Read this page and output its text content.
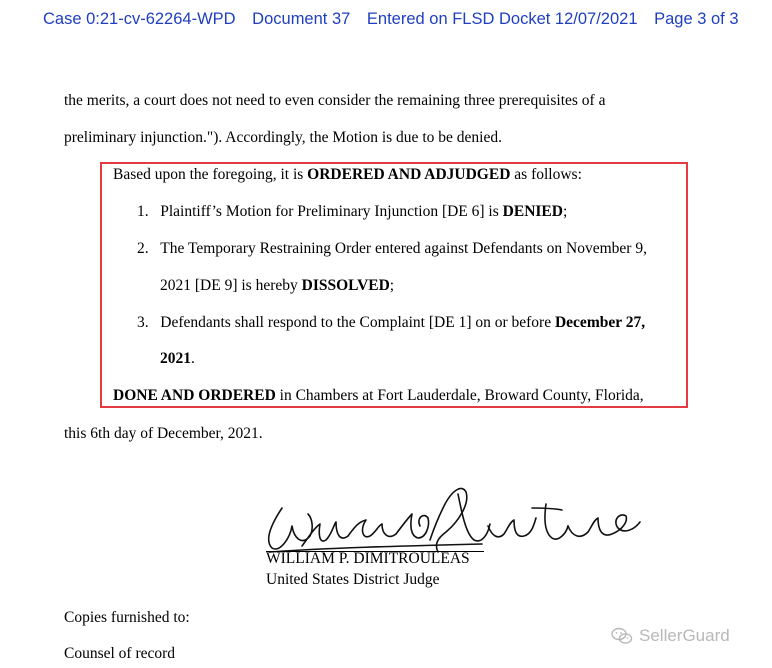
Case 0:21-cv-62264-WPD Document 37 Entered on FLSD Docket 12/07/2021 Page 3 of 3
the merits, a court does not need to even consider the remaining three prerequisites of a
preliminary injunction."). Accordingly, the Motion is due to be denied.
Based upon the foregoing, it is ORDERED AND ADJUDGED as follows:
1. Plaintiff’s Motion for Preliminary Injunction [DE 6] is DENIED;
2. The Temporary Restraining Order entered against Defendants on November 9,
2021 [DE 9] is hereby DISSOLVED;
3. Defendants shall respond to the Complaint [DE 1] on or before December 27,
2021.
DONE AND ORDERED in Chambers at Fort Lauderdale, Broward County, Florida,
this 6th day of December, 2021.
WILLIAM P. DIMITROULEAS
United States District Judge
Copies furnished to:
Counsel of record
SellerGuard
